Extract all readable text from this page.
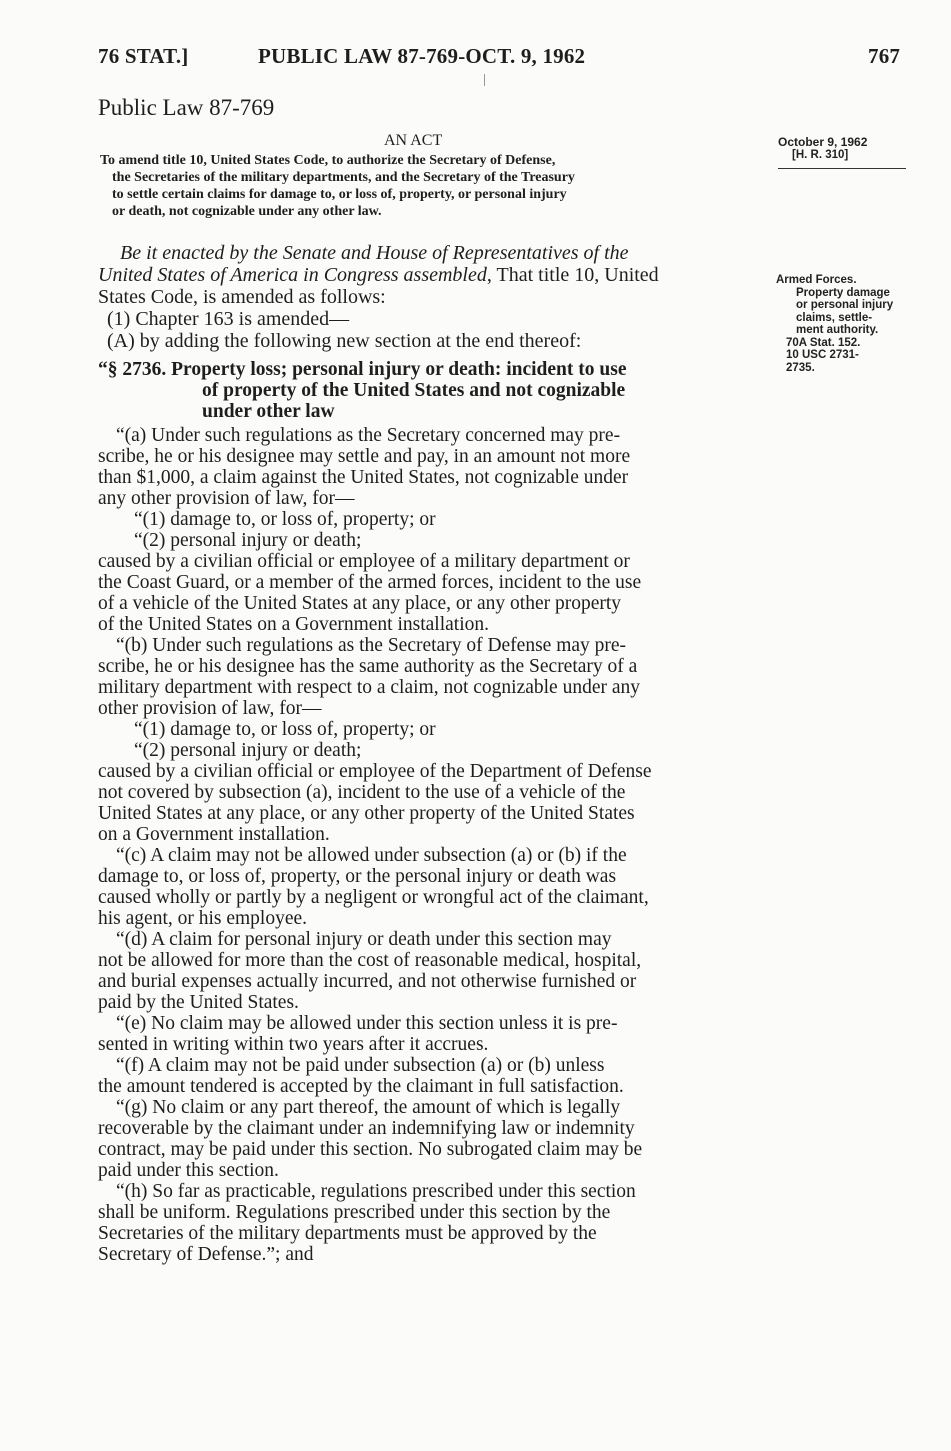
76 STAT.]	PUBLIC LAW 87-769-OCT. 9, 1962	767
Public Law 87-769
AN ACT
To amend title 10, United States Code, to authorize the Secretary of Defense,
the Secretaries of the military departments, and the Secretary of the Treasury
to settle certain claims for damage to, or loss of, property, or personal injury
or death, not cognizable under any other law.
October 9, 1962
[H. R. 310]
Armed Forces.
Property damage
or personal injury
claims, settle-
ment authority.
70A Stat. 152.
10 USC 2731-
2735.
Be it enacted by the Senate and House of Representatives of the
United States of America in Congress assembled, That title 10, United
States Code, is amended as follows:
(1) Chapter 163 is amended—
(A) by adding the following new section at the end thereof:
“§ 2736. Property loss; personal injury or death: incident to use
of property of the United States and not cognizable
under other law
“(a) Under such regulations as the Secretary concerned may pre-
scribe, he or his designee may settle and pay, in an amount not more
than $1,000, a claim against the United States, not cognizable under
any other provision of law, for—
“(1) damage to, or loss of, property; or
“(2) personal injury or death;
caused by a civilian official or employee of a military department or
the Coast Guard, or a member of the armed forces, incident to the use
of a vehicle of the United States at any place, or any other property
of the United States on a Government installation.
“(b) Under such regulations as the Secretary of Defense may pre-
scribe, he or his designee has the same authority as the Secretary of a
military department with respect to a claim, not cognizable under any
other provision of law, for—
“(1) damage to, or loss of, property; or
“(2) personal injury or death;
caused by a civilian official or employee of the Department of Defense
not covered by subsection (a), incident to the use of a vehicle of the
United States at any place, or any other property of the United States
on a Government installation.
“(c) A claim may not be allowed under subsection (a) or (b) if the
damage to, or loss of, property, or the personal injury or death was
caused wholly or partly by a negligent or wrongful act of the claimant,
his agent, or his employee.
“(d) A claim for personal injury or death under this section may
not be allowed for more than the cost of reasonable medical, hospital,
and burial expenses actually incurred, and not otherwise furnished or
paid by the United States.
“(e) No claim may be allowed under this section unless it is pre-
sented in writing within two years after it accrues.
“(f) A claim may not be paid under subsection (a) or (b) unless
the amount tendered is accepted by the claimant in full satisfaction.
“(g) No claim or any part thereof, the amount of which is legally
recoverable by the claimant under an indemnifying law or indemnity
contract, may be paid under this section. No subrogated claim may be
paid under this section.
“(h) So far as practicable, regulations prescribed under this section
shall be uniform. Regulations prescribed under this section by the
Secretaries of the military departments must be approved by the
Secretary of Defense.”; and
